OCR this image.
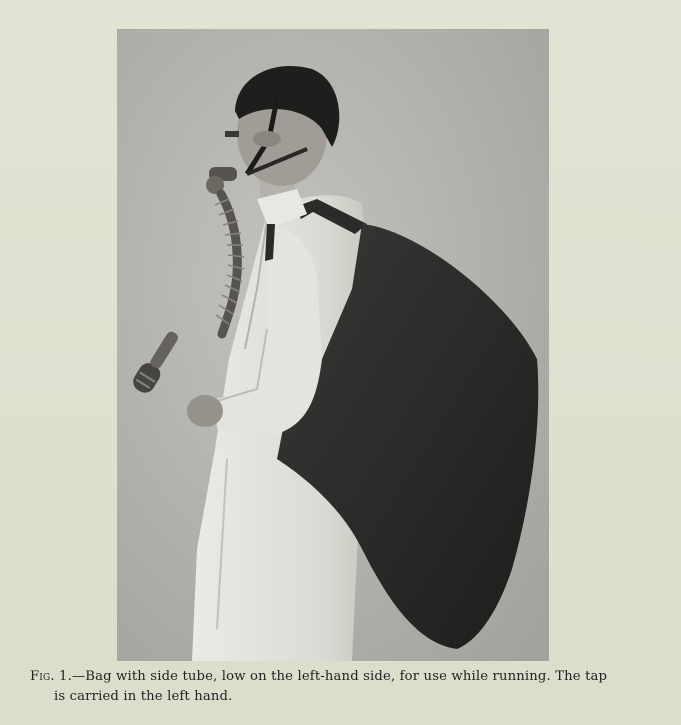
Fig. 1.—Bag with side tube, low on the left-hand side, for use while running. The tap
is carried in the left hand.
